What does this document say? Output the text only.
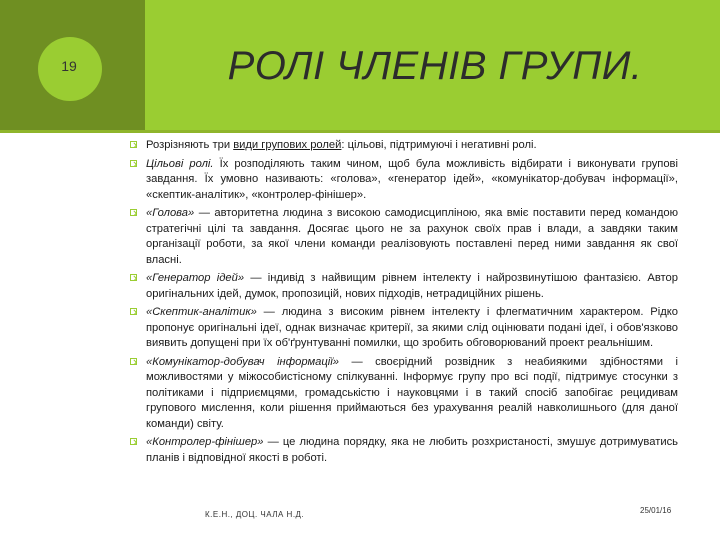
19	РОЛІ ЧЛЕНІВ ГРУПИ.
Розрізняють три види групових ролей: цільові, підтримуючі і негативні ролі.
Цільові ролі. Їх розподіляють таким чином, щоб була можливість відбирати і виконувати групові завдання. Їх умовно називають: «голова», «генератор ідей», «комунікатор-добувач інформації», «скептик-аналітик», «контролер-фінішер».
«Голова» — авторитетна людина з високою самодисципліною, яка вміє поставити перед командою стратегічні цілі та завдання. Досягає цього не за рахунок своїх прав і влади, а завдяки таким організації роботи, за якої члени команди реалізовують поставлені перед ними завдання як свої власні.
«Генератор ідей» — індивід з найвищим рівнем інтелекту і найрозвинутішою фантазією. Автор оригінальних ідей, думок, пропозицій, нових підходів, нетрадиційних рішень.
«Скептик-аналітик» — людина з високим рівнем інтелекту і флегматичним характером. Рідко пропонує оригінальні ідеї, однак визначає критерії, за якими слід оцінювати подані ідеї, і обов'язково виявить допущені при їх об'ґрунтуванні помилки, що зробить обговорюваний проект реальнішим.
«Комунікатор-добувач інформації» — своєрідний розвідник з неабиякими здібностями і можливостями у міжособистісному спілкуванні. Інформує групу про всі події, підтримує стосунки з політиками і підприємцями, громадськістю і науковцями і в такий спосіб запобігає рецидивам групового мислення, коли рішення приймаються без урахування реалій навколишнього (для даної команди) світу.
«Контролер-фінішер» — це людина порядку, яка не любить розхристаності, змушує дотримуватись планів і відповідної якості в роботі.
К.Е.Н., ДОЦ. ЧАЛА Н.Д.	25/01/16
